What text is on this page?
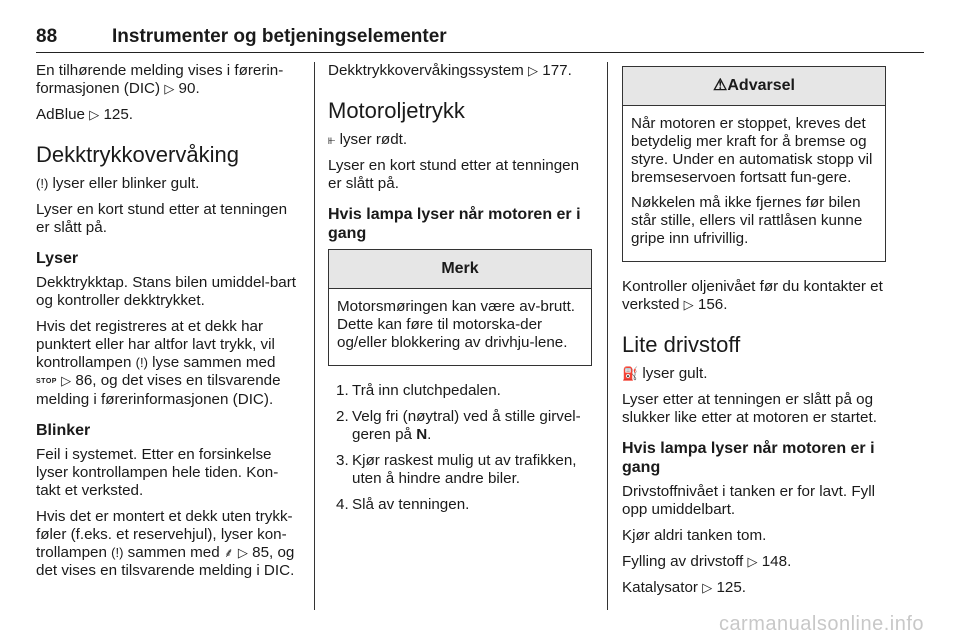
88	Instrumenter og betjeningselementer

En tilhørende melding vises i førerin-formasjonen (DIC) ▷ 90.

AdBlue ▷ 125.

Dekktrykkovervåking

(!) lyser eller blinker gult.

Lyser en kort stund etter at tenningen er slått på.

Lyser

Dekktrykktap. Stans bilen umiddel-bart og kontroller dekktrykket.

Hvis det registreres at et dekk har punktert eller har altfor lavt trykk, vil kontrollampen (!) lyse sammen med STOP ▷ 86, og det vises en tilsvarende melding i førerinformasjonen (DIC).

Blinker

Feil i systemet. Etter en forsinkelse lyser kontrollampen hele tiden. Kon-takt et verksted.

Hvis det er montert et dekk uten trykk-føler (f.eks. et reservehjul), lyser kon-trollampen (!) sammen med ⸙ ▷ 85, og det vises en tilsvarende melding i DIC.

Dekktrykkovervåkingssystem ▷ 177.

Motoroljetrykk

⫦ lyser rødt.

Lyser en kort stund etter at tenningen er slått på.

Hvis lampa lyser når motoren er i gang
Merk

Motorsmøringen kan være av-brutt. Dette kan føre til motorska-der og/eller blokkering av drivhju-lene.

1. Trå inn clutchpedalen.
2. Velg fri (nøytral) ved å stille girvel-geren på N.
3. Kjør raskest mulig ut av trafikken, uten å hindre andre biler.
4. Slå av tenningen.
⚠Advarsel

Når motoren er stoppet, kreves det betydelig mer kraft for å bremse og styre. Under en automatisk stopp vil bremseservoen fortsatt fun-gere.

Nøkkelen må ikke fjernes før bilen står stille, ellers vil rattlåsen kunne gripe inn ufrivillig.

Kontroller oljenivået før du kontakter et verksted ▷ 156.

Lite drivstoff

⛽ lyser gult.

Lyser etter at tenningen er slått på og slukker like etter at motoren er startet.

Hvis lampa lyser når motoren er i gang

Drivstoffnivået i tanken er for lavt. Fyll opp umiddelbart.

Kjør aldri tanken tom.

Fylling av drivstoff ▷ 148.

Katalysator ▷ 125.

carmanualsonline.info
